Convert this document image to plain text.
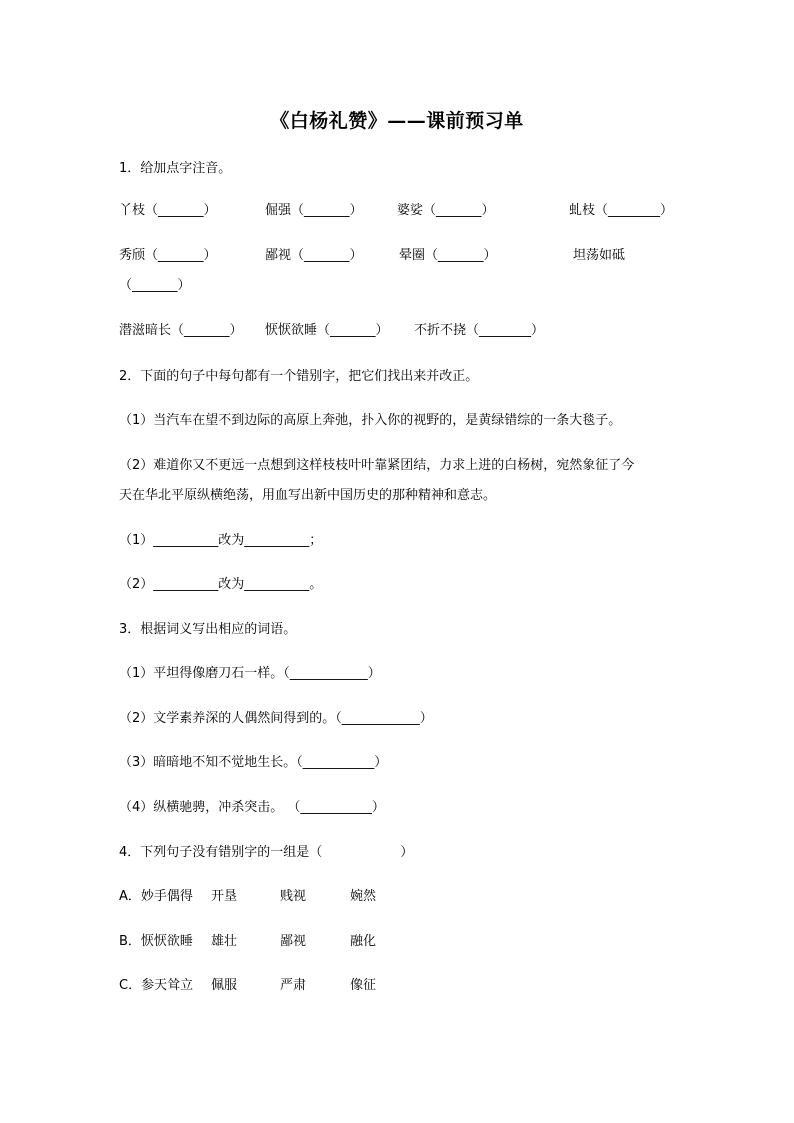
《白杨礼赞》——课前预习单
1．给加点字注音。
丫枝（_______）	倔强（_______）	婆娑（_______）	虬枝（________）
秀颀（_______）	鄙视（_______）	晕圈（_______）	坦荡如砥
（_______）
潜滋暗长（_______） 恹恹欲睡（_______） 不折不挠（________）
2．下面的句子中每句都有一个错别字，把它们找出来并改正。
（1）当汽车在望不到边际的高原上奔弛，扑入你的视野的，是黄绿错综的一条大毯子。
（2）难道你又不更远一点想到这样枝枝叶叶靠紧团结，力求上进的白杨树，宛然象征了今
天在华北平原纵横绝荡，用血写出新中国历史的那种精神和意志。
（1）__________改为__________；
（2）__________改为__________。
3．根据词义写出相应的词语。
（1）平坦得像磨刀石一样。（____________）
（2）文学素养深的人偶然间得到的。（____________）
（3）暗暗地不知不觉地生长。（___________）
（4）纵横驰骋，冲杀突击。 （___________）
4．下列句子没有错别字的一组是（　　　　　　）
A．妙手偶得 开垦	贱视	婉然
B．恹恹欲睡 雄壮	鄙视	融化
C．参天耸立 佩服	严肃	像征
